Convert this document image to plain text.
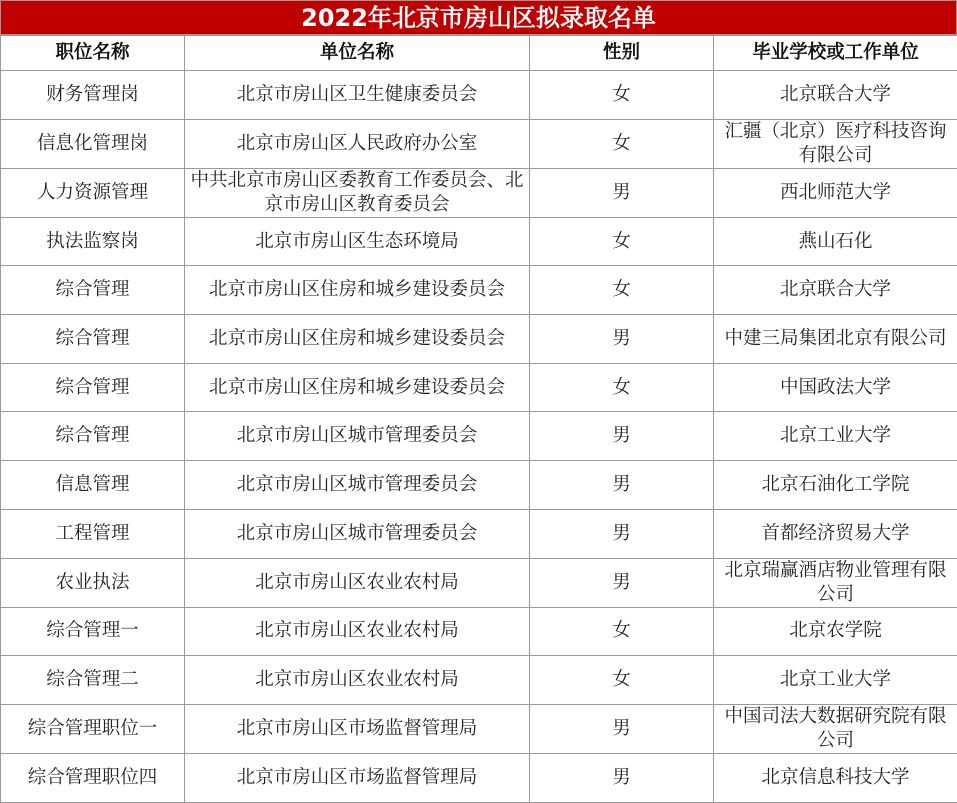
2022年北京市房山区拟录取名单
职位名称	单位名称	性别	毕业学校或工作单位
财务管理岗	北京市房山区卫生健康委员会	女	北京联合大学
信息化管理岗	北京市房山区人民政府办公室	女	汇疆（北京）医疗科技咨询有限公司
人力资源管理	中共北京市房山区委教育工作委员会、北京市房山区教育委员会	男	西北师范大学
执法监察岗	北京市房山区生态环境局	女	燕山石化
综合管理	北京市房山区住房和城乡建设委员会	女	北京联合大学
综合管理	北京市房山区住房和城乡建设委员会	男	中建三局集团北京有限公司
综合管理	北京市房山区住房和城乡建设委员会	女	中国政法大学
综合管理	北京市房山区城市管理委员会	男	北京工业大学
信息管理	北京市房山区城市管理委员会	男	北京石油化工学院
工程管理	北京市房山区城市管理委员会	男	首都经济贸易大学
农业执法	北京市房山区农业农村局	男	北京瑞赢酒店物业管理有限公司
综合管理一	北京市房山区农业农村局	女	北京农学院
综合管理二	北京市房山区农业农村局	女	北京工业大学
综合管理职位一	北京市房山区市场监督管理局	男	中国司法大数据研究院有限公司
综合管理职位四	北京市房山区市场监督管理局	男	北京信息科技大学
